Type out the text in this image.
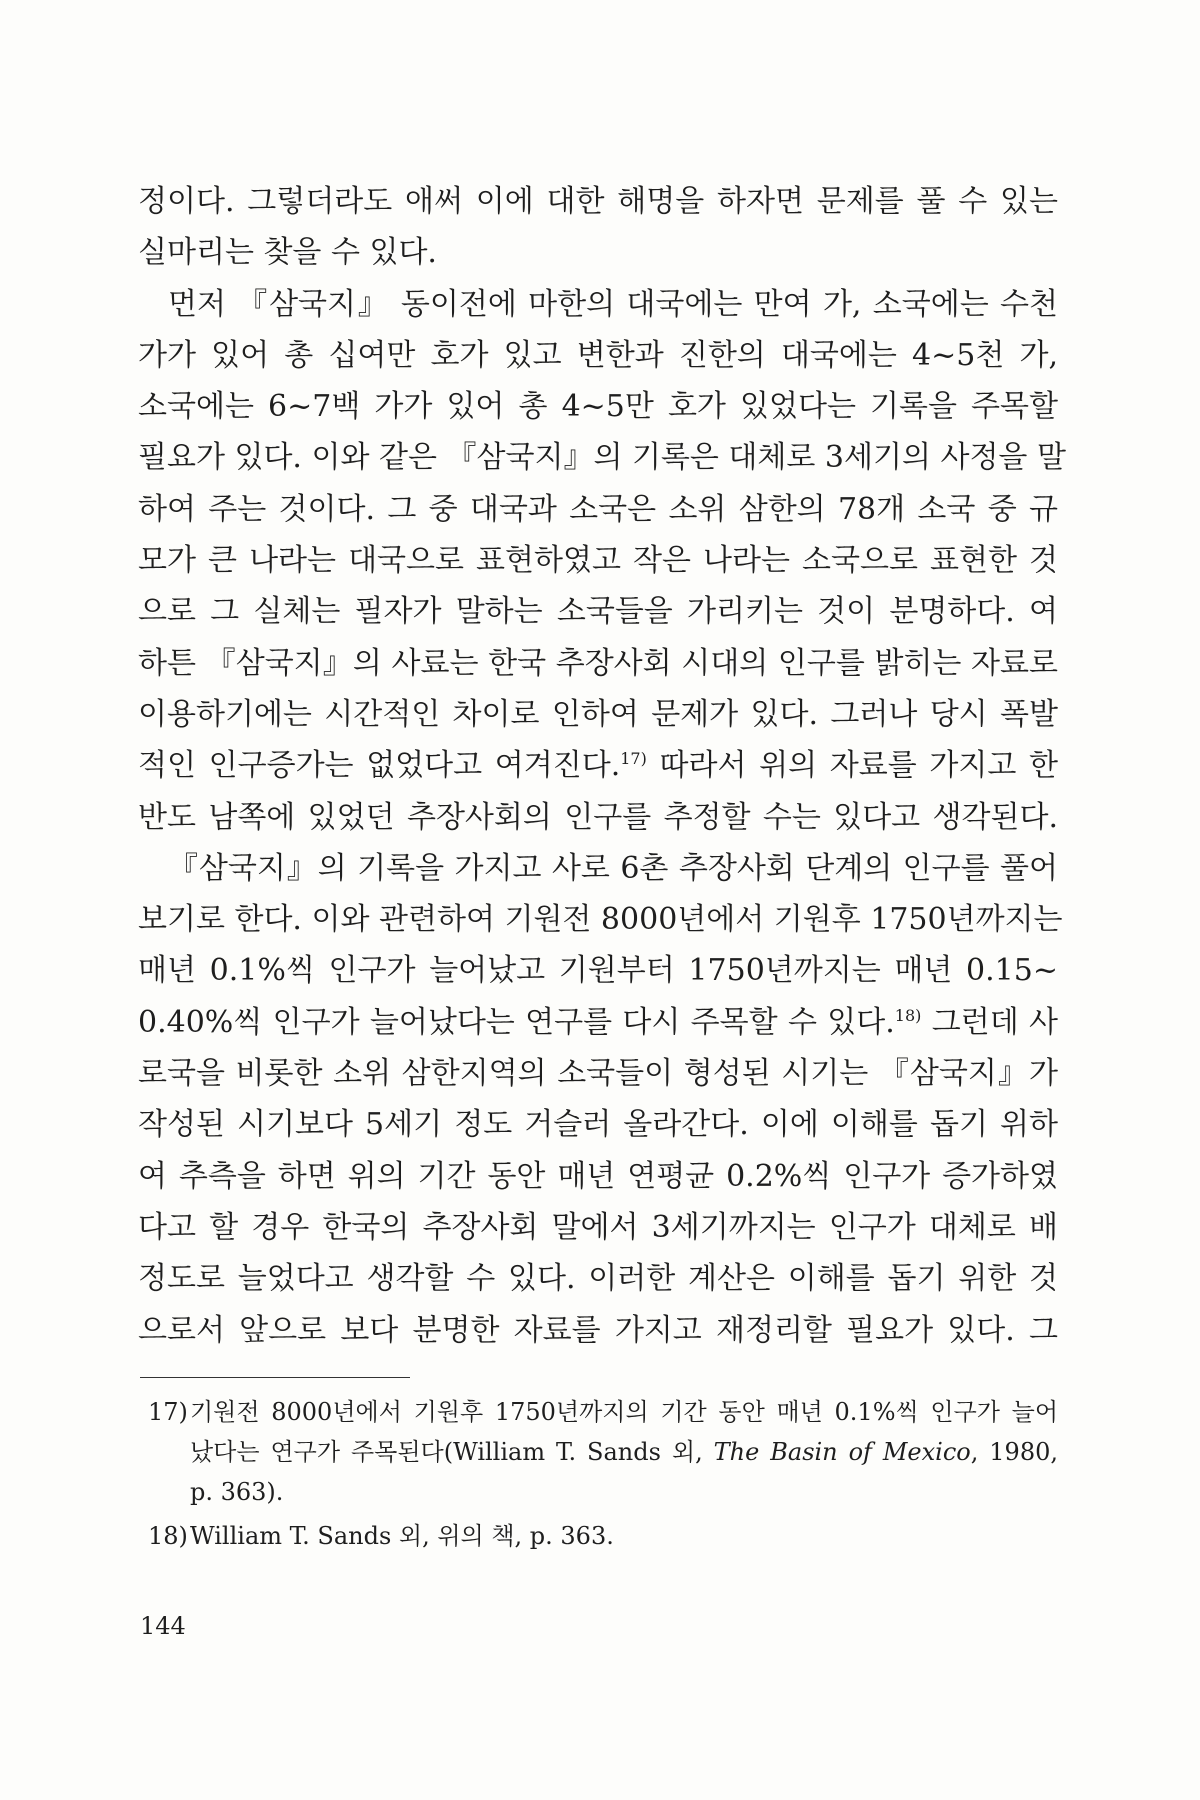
정이다. 그렇더라도 애써 이에 대한 해명을 하자면 문제를 풀 수 있는
실마리는 찾을 수 있다.
먼저 『삼국지』 동이전에 마한의 대국에는 만여 가, 소국에는 수천
가가 있어 총 십여만 호가 있고 변한과 진한의 대국에는 4~5천 가,
소국에는 6~7백 가가 있어 총 4~5만 호가 있었다는 기록을 주목할
필요가 있다. 이와 같은 『삼국지』의 기록은 대체로 3세기의 사정을 말
하여 주는 것이다. 그 중 대국과 소국은 소위 삼한의 78개 소국 중 규
모가 큰 나라는 대국으로 표현하였고 작은 나라는 소국으로 표현한 것
으로 그 실체는 필자가 말하는 소국들을 가리키는 것이 분명하다. 여
하튼 『삼국지』의 사료는 한국 추장사회 시대의 인구를 밝히는 자료로
이용하기에는 시간적인 차이로 인하여 문제가 있다. 그러나 당시 폭발
적인 인구증가는 없었다고 여겨진다.$^{17)}$ 따라서 위의 자료를 가지고 한
반도 남쪽에 있었던 추장사회의 인구를 추정할 수는 있다고 생각된다.
『삼국지』의 기록을 가지고 사로 6촌 추장사회 단계의 인구를 풀어
보기로 한다. 이와 관련하여 기원전 8000년에서 기원후 1750년까지는
매년 0.1%씩 인구가 늘어났고 기원부터 1750년까지는 매년 0.15~
0.40%씩 인구가 늘어났다는 연구를 다시 주목할 수 있다.$^{18)}$ 그런데 사
로국을 비롯한 소위 삼한지역의 소국들이 형성된 시기는 『삼국지』가
작성된 시기보다 5세기 정도 거슬러 올라간다. 이에 이해를 돕기 위하
여 추측을 하면 위의 기간 동안 매년 연평균 0.2%씩 인구가 증가하였
다고 할 경우 한국의 추장사회 말에서 3세기까지는 인구가 대체로 배
정도로 늘었다고 생각할 수 있다. 이러한 계산은 이해를 돕기 위한 것
으로서 앞으로 보다 분명한 자료를 가지고 재정리할 필요가 있다. 그
17)기원전 8000년에서 기원후 1750년까지의 기간 동안 매년 0.1%씩 인구가 늘어
났다는 연구가 주목된다(William T. Sands 외, The Basin of Mexico, 1980,
p. 363).
18)William T. Sands 외, 위의 책, p. 363.
144
